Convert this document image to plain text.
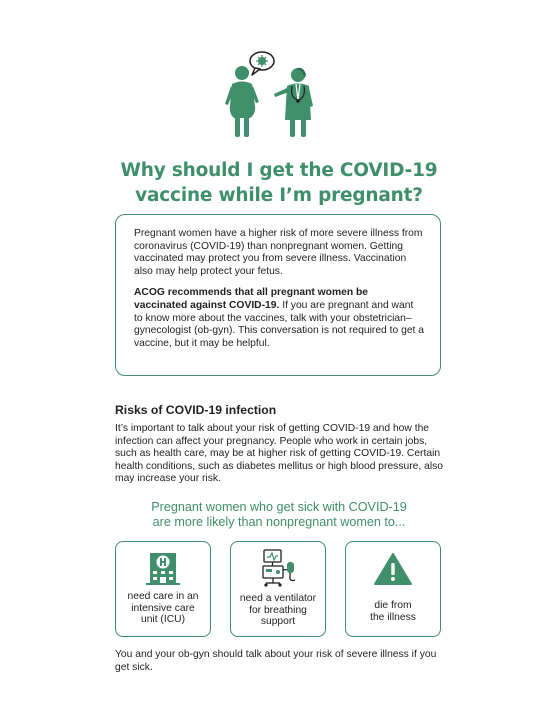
Why should I get the COVID-19
vaccine while I’m pregnant?

Pregnant women have a higher risk of more severe illness from coronavirus (COVID-19) than nonpregnant women. Getting vaccinated may protect you from severe illness. Vaccination also may help protect your fetus.

ACOG recommends that all pregnant women be vaccinated against COVID-19. If you are pregnant and want to know more about the vaccines, talk with your obstetrician–gynecologist (ob-gyn). This conversation is not required to get a vaccine, but it may be helpful.

Risks of COVID-19 infection
It’s important to talk about your risk of getting COVID-19 and how the infection can affect your pregnancy. People who work in certain jobs, such as health care, may be at higher risk of getting COVID-19. Certain health conditions, such as diabetes mellitus or high blood pressure, also may increase your risk.
Pregnant women who get sick with COVID-19
are more likely than nonpregnant women to...
need care in an
intensive care
unit (ICU)
need a ventilator
for breathing
support
die from
the illness
You and your ob-gyn should talk about your risk of severe illness if you get sick.
